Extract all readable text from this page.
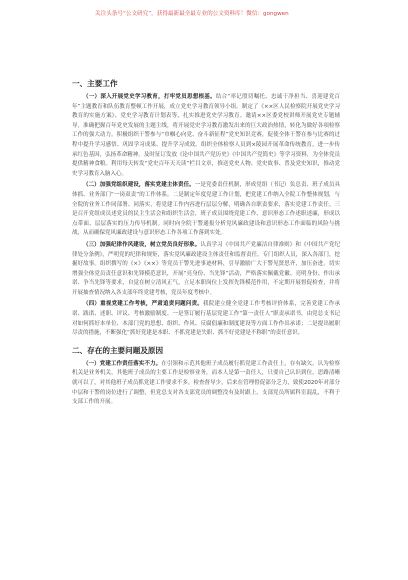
关注头条号“公文研究”，获得最新最全最专业的公文资料库！微信：gongwen
一、主要工作

（一）深入开展党史学习教育，打牢党员思想根基。结合“率记殷切嘱托、忠诚干净担当、喜迎建党百年”主题教育和队伍教育整顿工作开展，成立党史学习教育领导小组。制定了《××区人民检察院开展党史学习教育的实施方案》、党史学习教育计划表等，扎实推进党史学习教育。邀请××区委党校讲师开展党史专题辅导，准确把握百年党史发展的主题主线，将开展党史学习教育激发出来的巨大政治热情，转化为做好各项检察工作的强大动力。积极组织干警参与“巾帼心向党、奋斗新征程”党史知识竞赛，促使全体干警在参与比赛的过程中提升学习感悟、巩固学习成果、提升学习成效。组织全体检察人员到×陵园开展革命传统教育，进一步传承红色基因，弘扬革命精神。及时征订发放《论中国共产党历史》《中国共产党简史》等学习资料，为全体党员提供精神食粮。利用每天转发“党史百年天天读”栏目文章，推送党史人物、党史故事、普及党史知识，推动党史学习教育入脑入心。

（二）加强党组织建设，落实党建主体责任。一是党委责任机制，形成党组（书记）负总责、班子成员具体抓、业务部门“一岗双责”的工作体系。二是制定年度党建工作计划，把党建工作纳入全院工作整体规划，与全院的业务工作同部署、同落实，将党建工作内容进行层层分解，明确各自职责要求，落实党建工作责任。三是召开党组成员述党员的民主生活会和组织生活会，班子成员围绕党建工作、意识形态工作述职述廉，形成以点带面、层层落实的压力传导机制。同时向全院干警通报分析党风廉政建设和意识形态工作面临的风险与挑战，从而确保党风廉政建设与意识形态工作各项工作落到实处。

（三）加强纪律作风建设，树立党员良好形象。认真学习《中国共产党廉洁自律准则》和《中国共产党纪律处分条例》，严明党的纪律和规矩，落实党风廉政建设主体责任和监督责任。专门组织人员，深入各部门，挖掘好故事。组织撰写的《×》《××》等党员干警先进事迹材料，引导激励广大干警见贤思齐，加压奋进。切实增强全体党员责任意识和先锋模范意识，开展“亮身份、当先锋”活动，严格落实佩戴党徽、亮明身份、作出承诺、争当先锋等要求，自觉在树立清风正气，立足本职岗位上发挥先锋模范作用，不定期开展督促检查，并将开展抽查情况纳入各支部年终党建考核，党员年度考核中。

（四）重视党建工作考核，严肃追责问题问责。我院建立健全党建工作考核评价体系，完善党建工作承诺、践诺、述职、评议、考核激励制度。一是签订履行基层党建工作“第一责任人”职责承诺书，由党总支书记对如何抓好本单位、本部门党的思想、组织、作风、反腐倡廉和制度建设等方面工作作出承诺；二是提出履职尽责的措施，不断强化“抓好党建是本职、不抓党建是失职、抓不好党建是不称职”的责任意识。

二、存在的主要问题及原因

（一）党建工作责任落实不力。在引领和示范其他班子成员履行抓党建工作责任上，存有缺欠。认为检察机关是业务机关，其他班子成员的主要工作是检察业务，而本人是第一责任人，只要自己认识到位，思路清晰就可以了，对其他班子成员抓党建工作要求不多，检查督导少，后来在管理督促部分乏力，致使2020年对部分中层和干警的岗位进行了调整，但党总支对各支部党员的调整没有及时跟上，支部党员所属科室混乱，不利于支部工作的开展。
